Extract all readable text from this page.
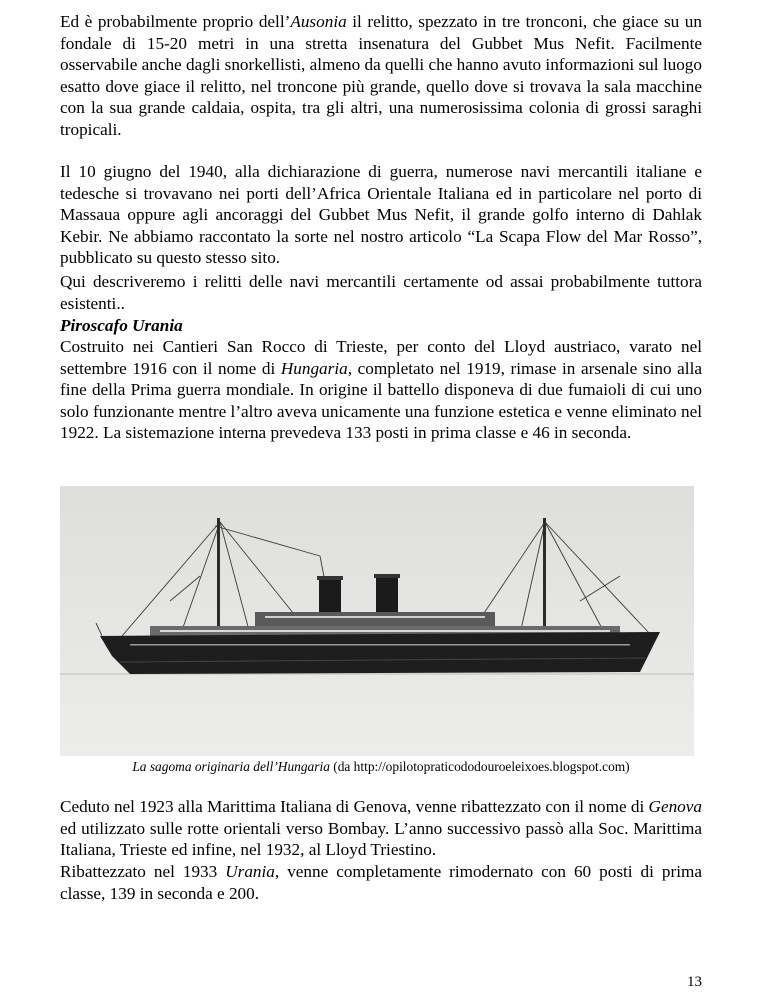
Ed è probabilmente proprio dell’Ausonia il relitto, spezzato in tre tronconi, che giace su un fondale di 15-20 metri in una stretta insenatura del Gubbet Mus Nefit. Facilmente osservabile anche dagli snorkellisti, almeno da quelli che hanno avuto informazioni sul luogo esatto dove giace il relitto, nel troncone più grande, quello dove si trovava la sala macchine con la sua grande caldaia, ospita, tra gli altri, una numerosissima colonia di grossi saraghi tropicali.

Il 10 giugno del 1940, alla dichiarazione di guerra, numerose navi mercantili italiane e tedesche si trovavano nei porti dell’Africa Orientale Italiana ed in particolare nel porto di Massaua oppure agli ancoraggi del Gubbet Mus Nefit, il grande golfo interno di Dahlak Kebir. Ne abbiamo raccontato la sorte nel nostro articolo “La Scapa Flow del Mar Rosso”, pubblicato su questo stesso sito.

Qui descriveremo i relitti delle navi mercantili certamente od assai probabilmente tuttora esistenti..

Piroscafo Urania

Costruito nei Cantieri San Rocco di Trieste, per conto del Lloyd austriaco, varato nel settembre 1916 con il nome di Hungaria, completato nel 1919, rimase in arsenale sino alla fine della Prima guerra mondiale. In origine il battello disponeva di due fumaioli di cui uno solo funzionante mentre l’altro aveva unicamente una funzione estetica e venne eliminato nel 1922. La sistemazione interna prevedeva 133 posti in prima classe e 46 in seconda.

La sagoma originaria dell’Hungaria (da http://opilotopraticododouroeleixoes.blogspot.com)

Ceduto nel 1923 alla Marittima Italiana di Genova, venne ribattezzato con il nome di Genova ed utilizzato sulle rotte orientali verso Bombay. L’anno successivo passò alla Soc. Marittima Italiana, Trieste ed infine, nel 1932, al Lloyd Triestino.

Ribattezzato nel 1933 Urania, venne completamente rimodernato con 60 posti di prima classe, 139 in seconda e 200.

13
